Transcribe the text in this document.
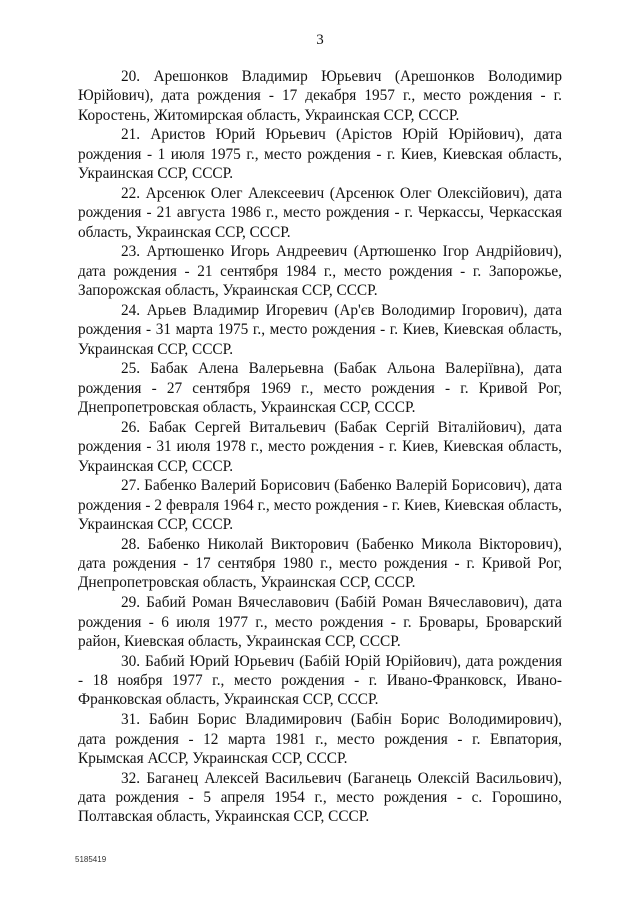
3

20. Арешонков Владимир Юрьевич (Арешонков Володимир Юрійович), дата рождения - 17 декабря 1957 г., место рождения - г. Коростень, Житомирская область, Украинская ССР, СССР.

21. Аристов Юрий Юрьевич (Арістов Юрій Юрійович), дата рождения - 1 июля 1975 г., место рождения - г. Киев, Киевская область, Украинская ССР, СССР.

22. Арсенюк Олег Алексеевич (Арсенюк Олег Олексійович), дата рождения - 21 августа 1986 г., место рождения - г. Черкассы, Черкасская область, Украинская ССР, СССР.

23. Артюшенко Игорь Андреевич (Артюшенко Ігор Андрійович), дата рождения - 21 сентября 1984 г., место рождения - г. Запорожье, Запорожская область, Украинская ССР, СССР.

24. Арьев Владимир Игоревич (Ар'єв Володимир Ігорович), дата рождения - 31 марта 1975 г., место рождения - г. Киев, Киевская область, Украинская ССР, СССР.

25. Бабак Алена Валерьевна (Бабак Альона Валеріївна), дата рождения - 27 сентября 1969 г., место рождения - г. Кривой Рог, Днепропетровская область, Украинская ССР, СССР.

26. Бабак Сергей Витальевич (Бабак Сергій Віталійович), дата рождения - 31 июля 1978 г., место рождения - г. Киев, Киевская область, Украинская ССР, СССР.

27. Бабенко Валерий Борисович (Бабенко Валерій Борисович), дата рождения - 2 февраля 1964 г., место рождения - г. Киев, Киевская область, Украинская ССР, СССР.

28. Бабенко Николай Викторович (Бабенко Микола Вікторович), дата рождения - 17 сентября 1980 г., место рождения - г. Кривой Рог, Днепропетровская область, Украинская ССР, СССР.

29. Бабий Роман Вячеславович (Бабій Роман Вячеславович), дата рождения - 6 июля 1977 г., место рождения - г. Бровары, Броварский район, Киевская область, Украинская ССР, СССР.

30. Бабий Юрий Юрьевич (Бабій Юрій Юрійович), дата рождения - 18 ноября 1977 г., место рождения - г. Ивано-Франковск, Ивано-Франковская область, Украинская ССР, СССР.

31. Бабин Борис Владимирович (Бабін Борис Володимирович), дата рождения - 12 марта 1981 г., место рождения - г. Евпатория, Крымская АССР, Украинская ССР, СССР.

32. Баганец Алексей Васильевич (Баганець Олексій Васильович), дата рождения - 5 апреля 1954 г., место рождения - с. Горошино, Полтавская область, Украинская ССР, СССР.

5185419
